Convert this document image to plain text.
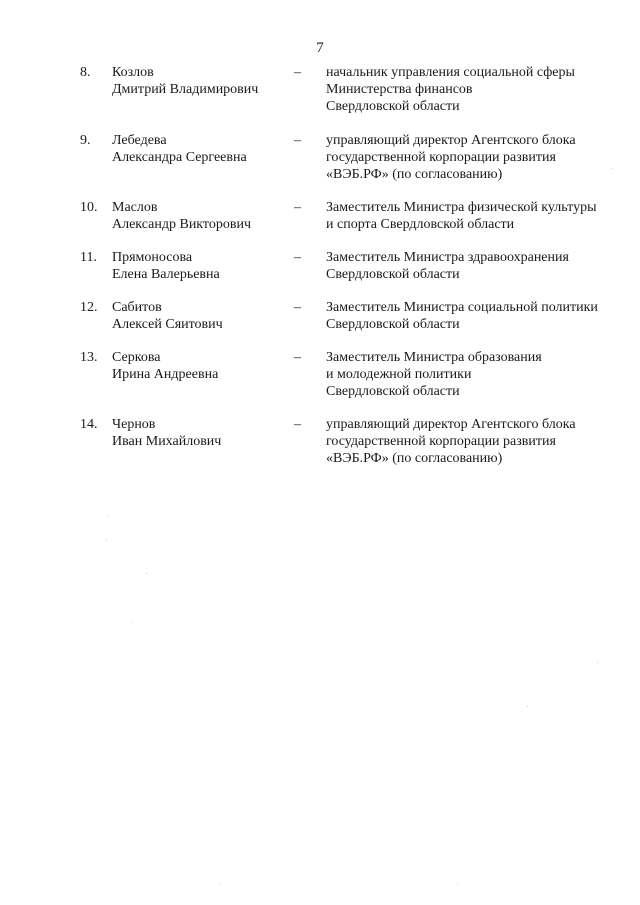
7
8. Козлов
Дмитрий Владимирович
– начальник управления социальной сферы
Министерства финансов
Свердловской области
9. Лебедева
Александра Сергеевна
– управляющий директор Агентского блока
государственной корпорации развития
«ВЭБ.РФ» (по согласованию)
10. Маслов
Александр Викторович
– Заместитель Министра физической культуры
и спорта Свердловской области
11. Прямоносова
Елена Валерьевна
– Заместитель Министра здравоохранения
Свердловской области
12. Сабитов
Алексей Сяитович
– Заместитель Министра социальной политики
Свердловской области
13. Серкова
Ирина Андреевна
– Заместитель Министра образования
и молодежной политики
Свердловской области
14. Чернов
Иван Михайлович
– управляющий директор Агентского блока
государственной корпорации развития
«ВЭБ.РФ» (по согласованию)
